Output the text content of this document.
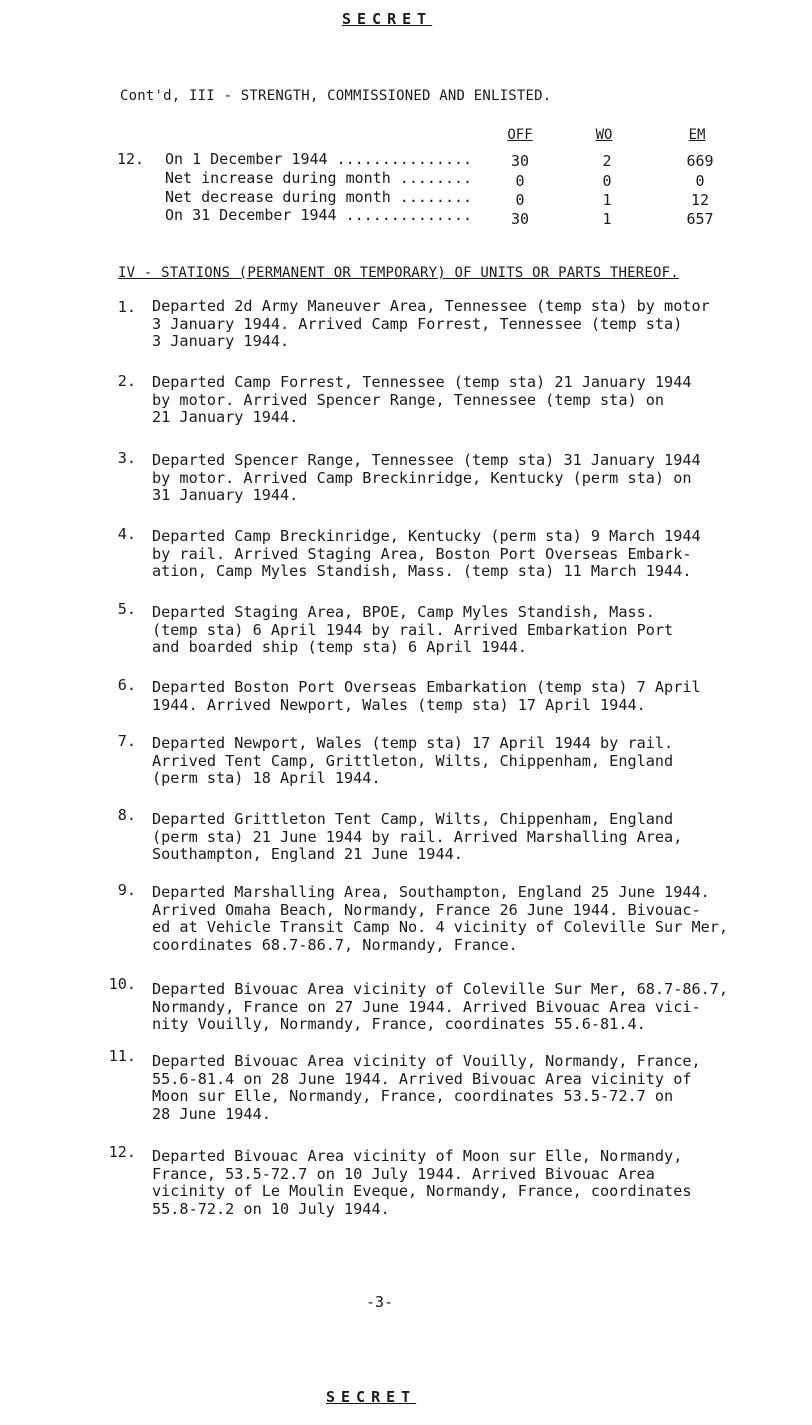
SECRET
Cont'd, III - STRENGTH, COMMISSIONED AND ENLISTED.
OFF	WO	EM
12. On 1 December 1944 ...............	30	2	669
Net increase during month ........	0	0	0
Net decrease during month ........	0	1	12
On 31 December 1944 ..............	30	1	657
IV - STATIONS (PERMANENT OR TEMPORARY) OF UNITS OR PARTS THEREOF.
1. Departed 2d Army Maneuver Area, Tennessee (temp sta) by motor
3 January 1944. Arrived Camp Forrest, Tennessee (temp sta)
3 January 1944.
2. Departed Camp Forrest, Tennessee (temp sta) 21 January 1944
by motor. Arrived Spencer Range, Tennessee (temp sta) on
21 January 1944.
3. Departed Spencer Range, Tennessee (temp sta) 31 January 1944
by motor. Arrived Camp Breckinridge, Kentucky (perm sta) on
31 January 1944.
4. Departed Camp Breckinridge, Kentucky (perm sta) 9 March 1944
by rail. Arrived Staging Area, Boston Port Overseas Embark-
ation, Camp Myles Standish, Mass. (temp sta) 11 March 1944.
5. Departed Staging Area, BPOE, Camp Myles Standish, Mass.
(temp sta) 6 April 1944 by rail. Arrived Embarkation Port
and boarded ship (temp sta) 6 April 1944.
6. Departed Boston Port Overseas Embarkation (temp sta) 7 April
1944. Arrived Newport, Wales (temp sta) 17 April 1944.
7. Departed Newport, Wales (temp sta) 17 April 1944 by rail.
Arrived Tent Camp, Grittleton, Wilts, Chippenham, England
(perm sta) 18 April 1944.
8. Departed Grittleton Tent Camp, Wilts, Chippenham, England
(perm sta) 21 June 1944 by rail. Arrived Marshalling Area,
Southampton, England 21 June 1944.
9. Departed Marshalling Area, Southampton, England 25 June 1944.
Arrived Omaha Beach, Normandy, France 26 June 1944. Bivouac-
ed at Vehicle Transit Camp No. 4 vicinity of Coleville Sur Mer,
coordinates 68.7-86.7, Normandy, France.
10. Departed Bivouac Area vicinity of Coleville Sur Mer, 68.7-86.7,
Normandy, France on 27 June 1944. Arrived Bivouac Area vici-
nity Vouilly, Normandy, France, coordinates 55.6-81.4.
11. Departed Bivouac Area vicinity of Vouilly, Normandy, France,
55.6-81.4 on 28 June 1944. Arrived Bivouac Area vicinity of
Moon sur Elle, Normandy, France, coordinates 53.5-72.7 on
28 June 1944.
12. Departed Bivouac Area vicinity of Moon sur Elle, Normandy,
France, 53.5-72.7 on 10 July 1944. Arrived Bivouac Area
vicinity of Le Moulin Eveque, Normandy, France, coordinates
55.8-72.2 on 10 July 1944.
-3-
SECRET
